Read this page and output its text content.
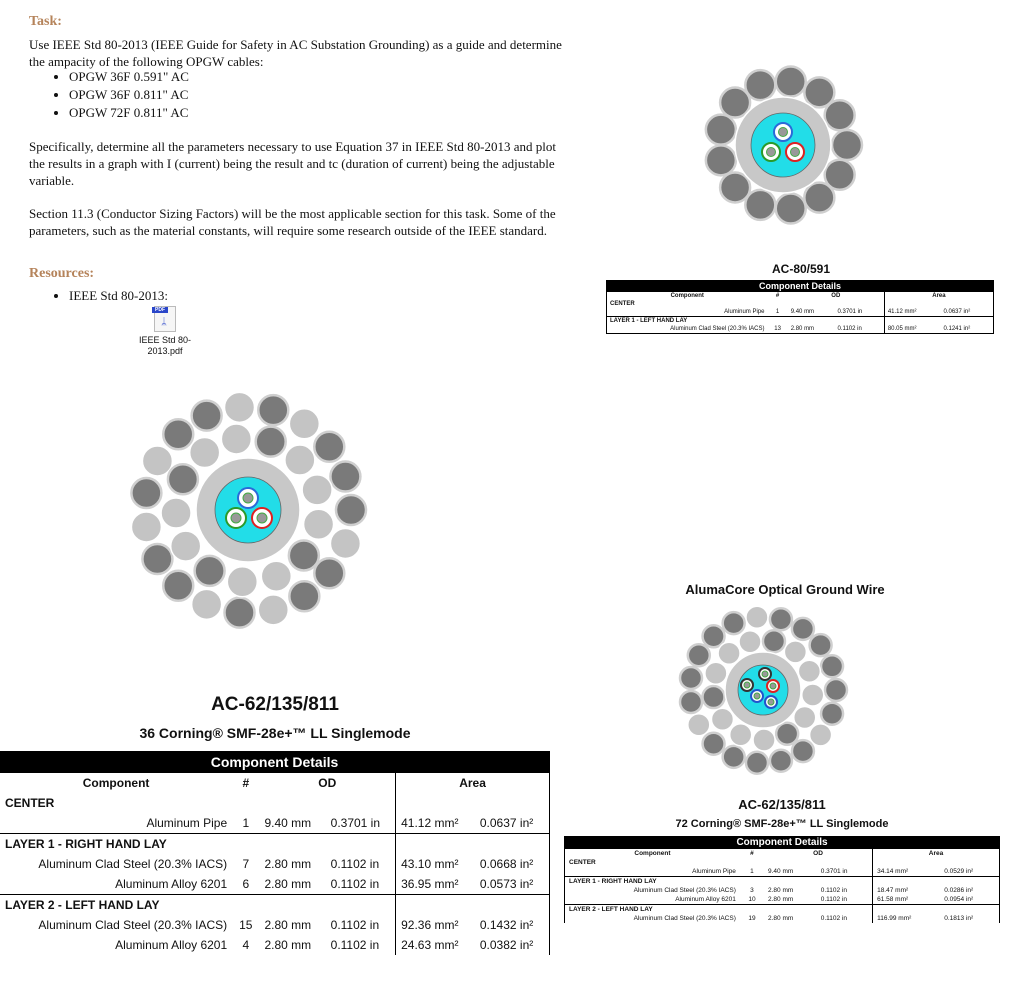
Task:
Use IEEE Std 80-2013 (IEEE Guide for Safety in AC Substation Grounding) as a guide and determine the ampacity of the following OPGW cables:
• OPGW 36F 0.591" AC
• OPGW 36F 0.811" AC
• OPGW 72F 0.811" AC
Specifically, determine all the parameters necessary to use Equation 37 in IEEE Std 80-2013 and plot the results in a graph with I (current) being the result and tc (duration of current) being the adjustable variable.
Section 11.3 (Conductor Sizing Factors) will be the most applicable section for this task. Some of the parameters, such as the material constants, will require some research outside of the IEEE standard.
Resources:
• IEEE Std 80-2013:
PDF
ᛦ
IEEE Std 80-2013.pdf
AC-80/591
Component Details					
Component	#	OD		Area	
CENTER					
Aluminum Pipe	1	9.40 mm	0.3701 in	41.12 mm²	0.0637 in²
LAYER 1 - LEFT HAND LAY					
Aluminum Clad Steel (20.3% IACS)	13	2.80 mm	0.1102 in	80.05 mm²	0.1241 in²
AC-62/135/811
36 Corning® SMF-28e+™ LL Singlemode
Component Details					
Component	#	OD		Area	
CENTER					
Aluminum Pipe	1	9.40 mm	0.3701 in	41.12 mm²	0.0637 in²
LAYER 1 - RIGHT HAND LAY					
Aluminum Clad Steel (20.3% IACS)	7	2.80 mm	0.1102 in	43.10 mm²	0.0668 in²
Aluminum Alloy 6201	6	2.80 mm	0.1102 in	36.95 mm²	0.0573 in²
LAYER 2 - LEFT HAND LAY					
Aluminum Clad Steel (20.3% IACS)	15	2.80 mm	0.1102 in	92.36 mm²	0.1432 in²
Aluminum Alloy 6201	4	2.80 mm	0.1102 in	24.63 mm²	0.0382 in²
AlumaCore Optical Ground Wire
AC-62/135/811
72 Corning® SMF-28e+™ LL Singlemode
Component Details					
Component	#	OD		Area	
CENTER					
Aluminum Pipe	1	9.40 mm	0.3701 in	34.14 mm²	0.0529 in²
LAYER 1 - RIGHT HAND LAY					
Aluminum Clad Steel (20.3% IACS)	3	2.80 mm	0.1102 in	18.47 mm²	0.0286 in²
Aluminum Alloy 6201	10	2.80 mm	0.1102 in	61.58 mm²	0.0954 in²
LAYER 2 - LEFT HAND LAY					
Aluminum Clad Steel (20.3% IACS)	19	2.80 mm	0.1102 in	116.99 mm²	0.1813 in²
